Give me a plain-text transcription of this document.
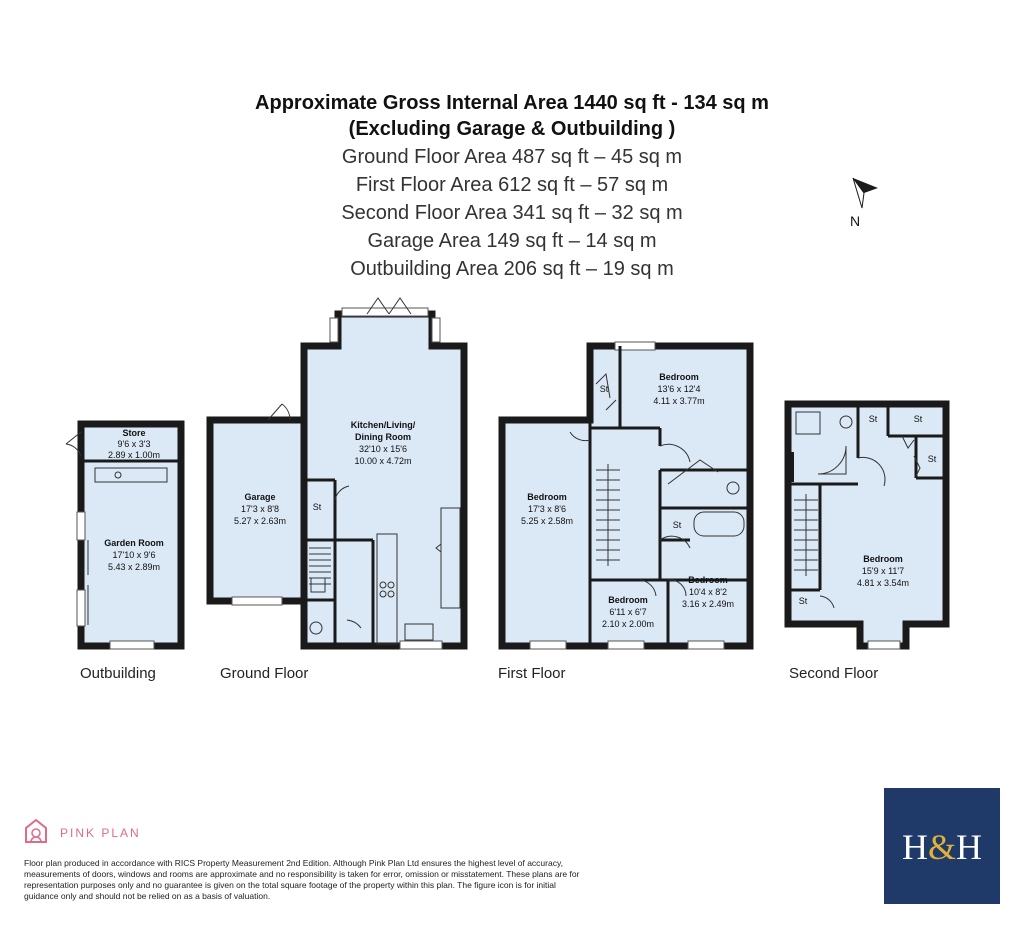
Approximate Gross Internal Area 1440 sq ft - 134 sq m
(Excluding Garage & Outbuilding )
Ground Floor Area 487 sq ft – 45 sq m
First Floor Area 612 sq ft – 57 sq m
Second Floor Area 341 sq ft – 32 sq m
Garage Area 149 sq ft – 14 sq m
Outbuilding Area 206 sq ft – 19 sq m
N
Store
9'6 x 3'3
2.89 x 1.00m
Garden Room
17'10 x 9'6
5.43 x 2.89m
Garage
17'3 x 8'8
5.27 x 2.63m
Kitchen/Living/
Dining Room
32'10 x 15'6
10.00 x 4.72m
Bedroom
13'6 x 12'4
4.11 x 3.77m
Bedroom
17'3 x 8'6
5.25 x 2.58m
Bedroom
6'11 x 6'7
2.10 x 2.00m
Bedroom
10'4 x 8'2
3.16 x 2.49m
Bedroom
15'9 x 11'7
4.81 x 3.54m
St
St
St
St	St
St
St
Outbuilding	Ground Floor	First Floor	Second Floor
PINK PLAN
Floor plan produced in accordance with RICS Property Measurement 2nd Edition. Although Pink Plan Ltd ensures the highest level of accuracy, measurements of doors, windows and rooms are approximate and no responsibility is taken for error, omission or misstatement. These plans are for representation purposes only and no guarantee is given on the total square footage of the property within this plan. The figure icon is for initial guidance only and should not be relied on as a basis of valuation.
H&H
